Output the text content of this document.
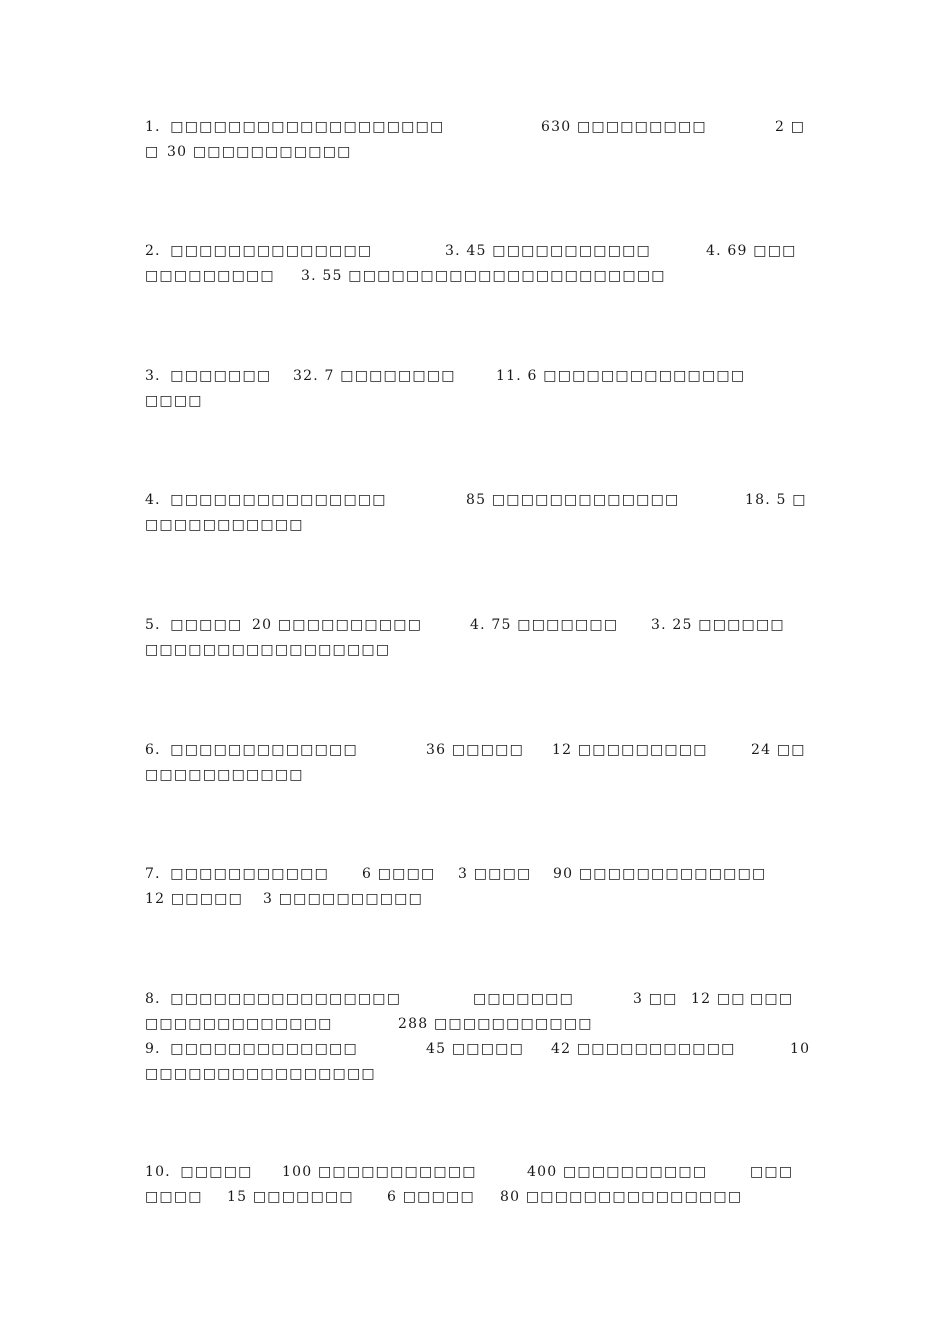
1．□□□□□□□□□□□□□□□□□□□	630 □□□□□□□□□	2 □
□ 30 □□□□□□□□□□□
2．□□□□□□□□□□□□□□	3. 45 □□□□□□□□□□□	4. 69 □□□
□□□□□□□□□ 3. 55 □□□□□□□□□□□□□□□□□□□□□□
3．□□□□□□□ 32. 7 □□□□□□□□	11. 6 □□□□□□□□□□□□□□
□□□□
4．□□□□□□□□□□□□□□□	85 □□□□□□□□□□□□□	18. 5 □
□□□□□□□□□□□
5．□□□□□ 20 □□□□□□□□□□	4. 75 □□□□□□□ 3. 25 □□□□□□
□□□□□□□□□□□□□□□□□
6．□□□□□□□□□□□□□	36 □□□□□ 12 □□□□□□□□□	24 □□
□□□□□□□□□□□
7．□□□□□□□□□□□ 6 □□□□ 3 □□□□ 90 □□□□□□□□□□□□□
12 □□□□□ 3 □□□□□□□□□□
8．□□□□□□□□□□□□□□□□	□□□□□□□	3 □□ 12 □□ □□□
□□□□□□□□□□□□□	288 □□□□□□□□□□□
9．□□□□□□□□□□□□□	45 □□□□□ 42 □□□□□□□□□□□	10
□□□□□□□□□□□□□□□□
10．□□□□□ 100 □□□□□□□□□□□	400 □□□□□□□□□□	□□□
□□□□ 15 □□□□□□□ 6 □□□□□ 80 □□□□□□□□□□□□□□□
